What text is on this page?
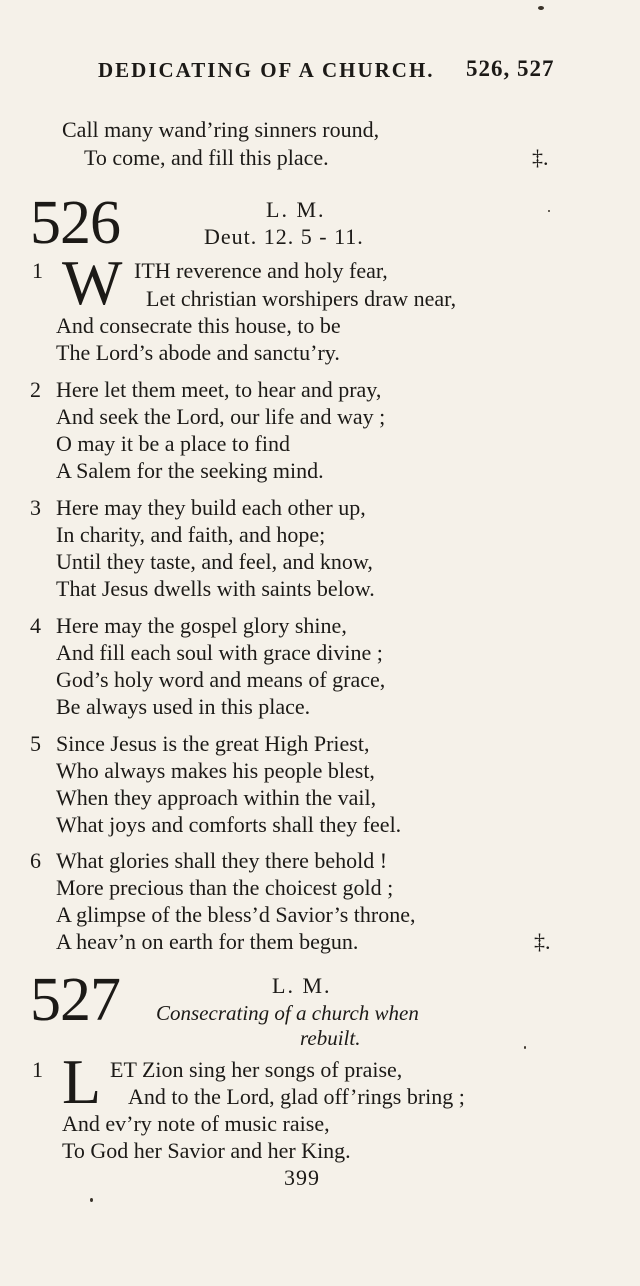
DEDICATING OF A CHURCH. 526, 527
Call many wand’ring sinners round,
To come, and fill this place.	‡.
526	L. M.
Deut. 12. 5 - 11.
1 W ITH reverence and holy fear,
Let christian worshipers draw near,
And consecrate this house, to be
The Lord’s abode and sanctu’ry.
2 Here let them meet, to hear and pray,
And seek the Lord, our life and way ;
O may it be a place to find
A Salem for the seeking mind.
3 Here may they build each other up,
In charity, and faith, and hope;
Until they taste, and feel, and know,
That Jesus dwells with saints below.
4 Here may the gospel glory shine,
And fill each soul with grace divine ;
God’s holy word and means of grace,
Be always used in this place.
5 Since Jesus is the great High Priest,
Who always makes his people blest,
When they approach within the vail,
What joys and comforts shall they feel.
6 What glories shall they there behold !
More precious than the choicest gold ;
A glimpse of the bless’d Savior’s throne,
A heav’n on earth for them begun.	‡.
527	L. M.
Consecrating of a church when
rebuilt.
1 L ET Zion sing her songs of praise,
And to the Lord, glad off’rings bring ;
And ev’ry note of music raise,
To God her Savior and her King.
399
